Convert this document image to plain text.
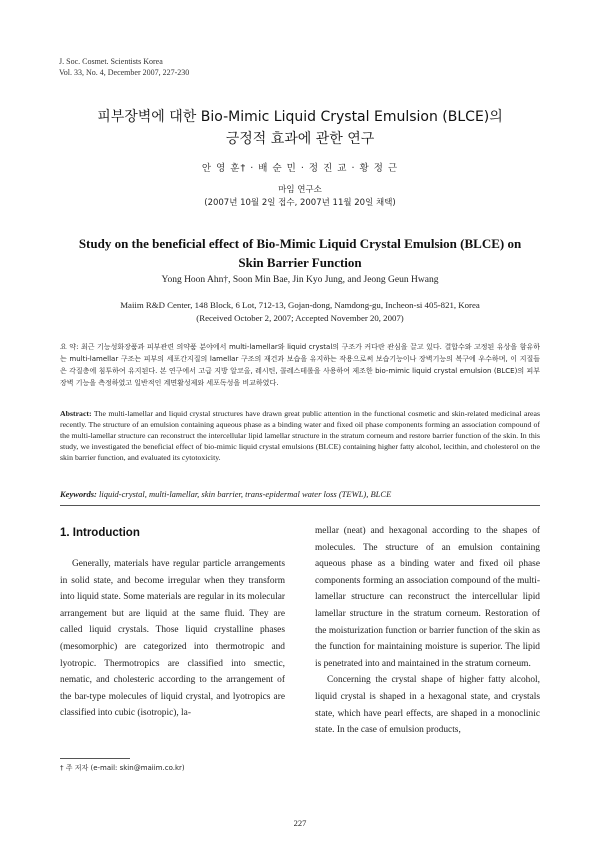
J. Soc. Cosmet. Scientists Korea
Vol. 33, No. 4, December 2007, 227-230
피부장벽에 대한 Bio-Mimic Liquid Crystal Emulsion (BLCE)의
긍정적 효과에 관한 연구
안 영 훈† · 배 순 민 · 정 진 교 · 황 정 근
마임 연구소
(2007년 10월 2일 접수, 2007년 11월 20일 채택)
Study on the beneficial effect of Bio-Mimic Liquid Crystal Emulsion (BLCE) on
Skin Barrier Function
Yong Hoon Ahn†, Soon Min Bae, Jin Kyo Jung, and Jeong Geun Hwang
Maiim R&D Center, 148 Block, 6 Lot, 712-13, Gojan-dong, Namdong-gu, Incheon-si 405-821, Korea
(Received October 2, 2007; Accepted November 20, 2007)
요 약: 최근 기능성화장품과 피부관련 의약품 분야에서 multi-lamellar와 liquid crystal의 구조가 커다란 관심을 끌고 있다. 결합수와 고정된 유상을 함유하는 multi-lamellar 구조는 피부의 세포간지질의 lamellar 구조의 재건과 보습을 유지하는 작용으로써 보습기능이나 장벽기능의 복구에 우수하며, 이 지질들은 각질층에 침투하여 유지된다. 본 연구에서 고급 지방 알코올, 레시틴, 콜레스테롤을 사용하여 제조한 bio-mimic liquid crystal emulsion (BLCE)의 피부장벽 기능을 측정하였고 일반적인 계면활성제와 세포독성을 비교하였다.
Abstract: The multi-lamellar and liquid crystal structures have drawn great public attention in the functional cosmetic and skin-related medicinal areas recently. The structure of an emulsion containing aqueous phase as a binding water and fixed oil phase components forming an association compound of the multi-lamellar structure can reconstruct the intercellular lipid lamellar structure in the stratum corneum and restore barrier function of the skin. In this study, we investigated the beneficial effect of bio-mimic liquid crystal emulsions (BLCE) containing higher fatty alcohol, lecithin, and cholesterol on the skin barrier function, and evaluated its cytotoxicity.
Keywords: liquid-crystal, multi-lamellar, skin barrier, trans-epidermal water loss (TEWL), BLCE
1. Introduction

Generally, materials have regular particle arrangements in solid state, and become irregular when they transform into liquid state. Some materials are regular in its molecular arrangement but are liquid at the same fluid. They are called liquid crystals. Those liquid crystalline phases (mesomorphic) are categorized into thermotropic and lyotropic. Thermotropics are classified into smectic, nematic, and cholesteric according to the arrangement of the bar-type molecules of liquid crystal, and lyotropics are classified into cubic (isotropic), la-

mellar (neat) and hexagonal according to the shapes of molecules. The structure of an emulsion containing aqueous phase as a binding water and fixed oil phase components forming an association compound of the multi-lamellar structure can reconstruct the intercellular lipid lamellar structure in the stratum corneum. Restoration of the moisturization function or barrier function of the skin as the function for maintaining moisture is superior. The lipid is penetrated into and maintained in the stratum corneum.

Concerning the crystal shape of higher fatty alcohol, liquid crystal is shaped in a hexagonal state, and crystals state, which have pearl effects, are shaped in a monoclinic state. In the case of emulsion products,

† 주 저자 (e-mail: skin@maiim.co.kr)
227
